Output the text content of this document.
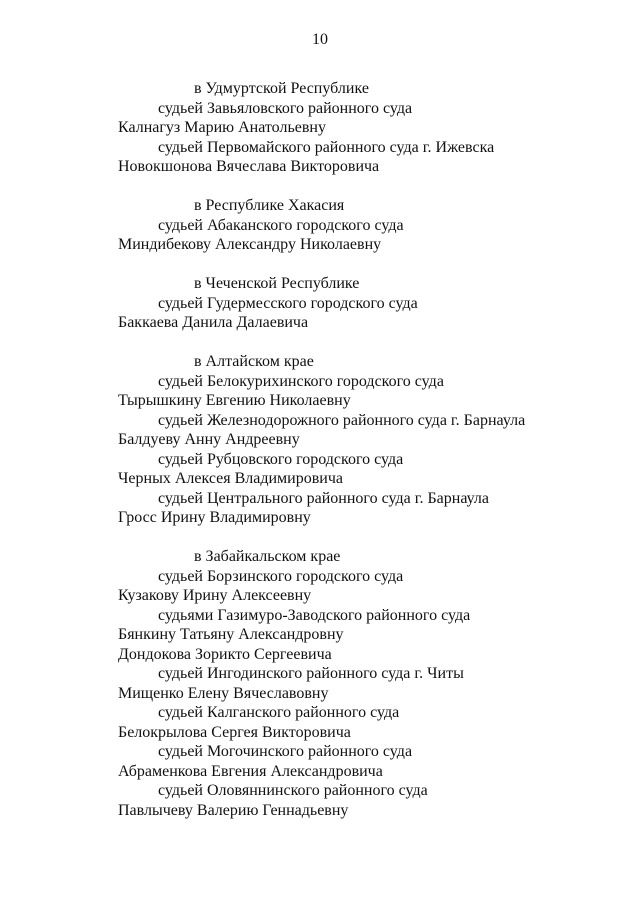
10
в Удмуртской Республике
судьей Завьяловского районного суда
Калнагуз Марию Анатольевну
судьей Первомайского районного суда г. Ижевска
Новокшонова Вячеслава Викторовича
в Республике Хакасия
судьей Абаканского городского суда
Миндибекову Александру Николаевну
в Чеченской Республике
судьей Гудермесского городского суда
Баккаева Данила Далаевича
в Алтайском крае
судьей Белокурихинского городского суда
Тырышкину Евгению Николаевну
судьей Железнодорожного районного суда г. Барнаула
Балдуеву Анну Андреевну
судьей Рубцовского городского суда
Черных Алексея Владимировича
судьей Центрального районного суда г. Барнаула
Гросс Ирину Владимировну
в Забайкальском крае
судьей Борзинского городского суда
Кузакову Ирину Алексеевну
судьями Газимуро-Заводского районного суда
Бянкину Татьяну Александровну
Дондокова Зорикто Сергеевича
судьей Ингодинского районного суда г. Читы
Мищенко Елену Вячеславовну
судьей Калганского районного суда
Белокрылова Сергея Викторовича
судьей Могочинского районного суда
Абраменкова Евгения Александровича
судьей Оловяннинского районного суда
Павлычеву Валерию Геннадьевну
